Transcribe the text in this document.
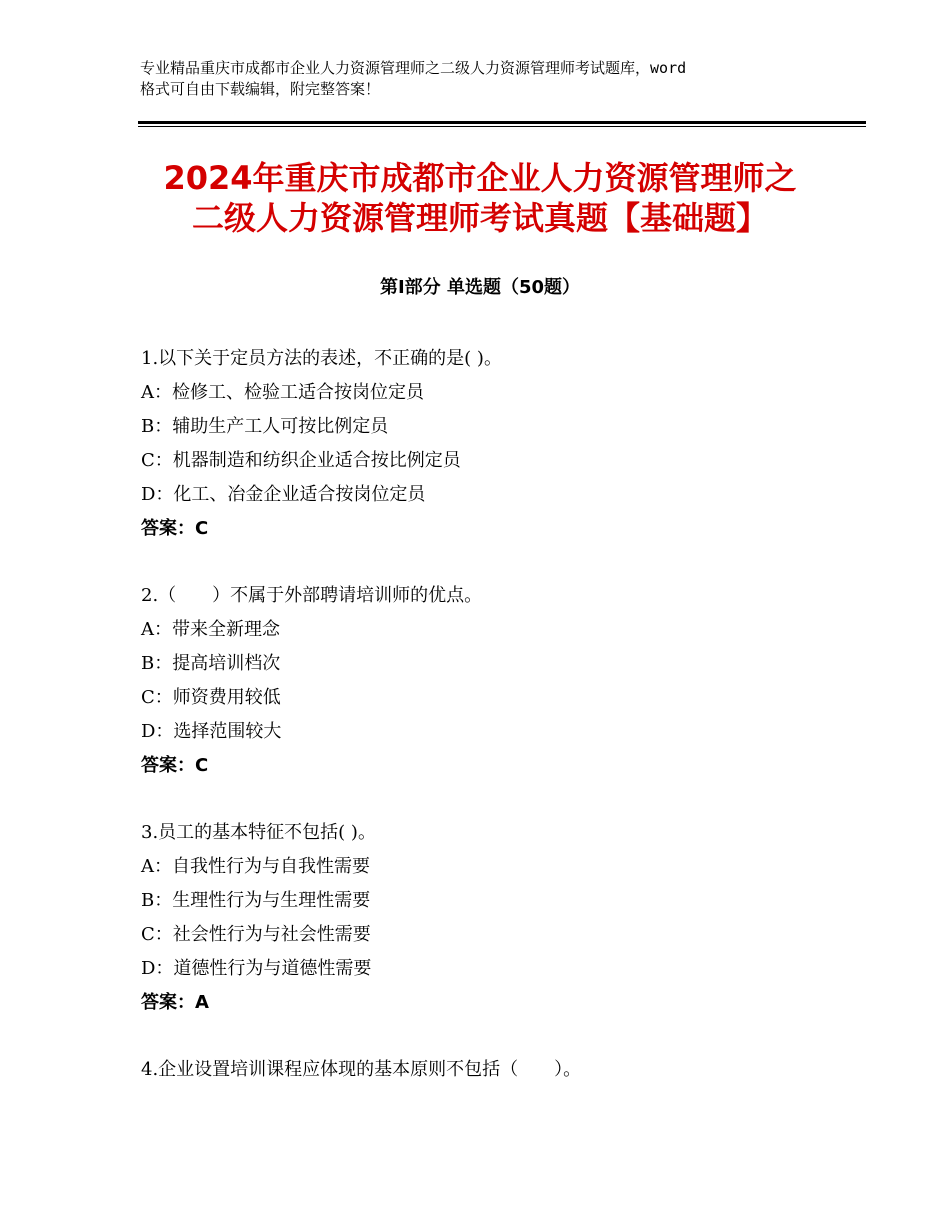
专业精品重庆市成都市企业人力资源管理师之二级人力资源管理师考试题库，word
格式可自由下载编辑，附完整答案！
2024年重庆市成都市企业人力资源管理师之
二级人力资源管理师考试真题【基础题】
第Ⅰ部分 单选题（50题）
1.以下关于定员方法的表述，不正确的是( )。
A：检修工、检验工适合按岗位定员
B：辅助生产工人可按比例定员
C：机器制造和纺织企业适合按比例定员
D：化工、冶金企业适合按岗位定员
答案：C
2.（　　）不属于外部聘请培训师的优点。
A：带来全新理念
B：提高培训档次
C：师资费用较低
D：选择范围较大
答案：C
3.员工的基本特征不包括( )。
A：自我性行为与自我性需要
B：生理性行为与生理性需要
C：社会性行为与社会性需要
D：道德性行为与道德性需要
答案：A
4.企业设置培训课程应体现的基本原则不包括（　　）。
